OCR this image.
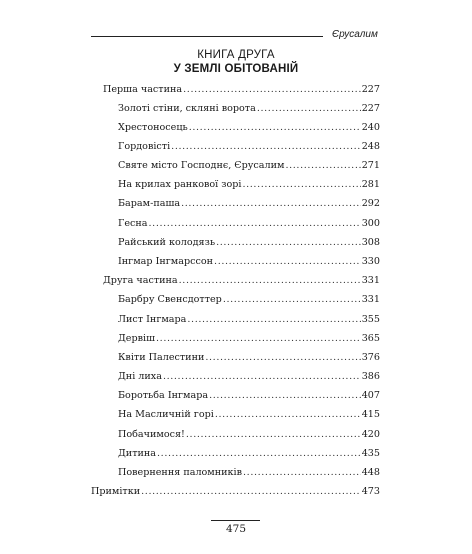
Єрусалим
КНИГА ДРУГА
У ЗЕМЛІ ОБІТОВАНІЙ
Перша частина .....	227
Золоті стіни, скляні ворота .....	227
Хрестоносець .....	240
Гордовісті .....	248
Святе місто Господнє, Єрусалим .....	271
На крилах ранкової зорі .....	281
Барам-паша .....	292
Гесна .....	300
Райський колодязь .....	308
Інгмар Інгмарссон .....	330
Друга частина .....	331
Барбру Свенсдоттер .....	331
Лист Інгмара .....	355
Дервіш .....	365
Квіти Палестини .....	376
Дні лиха .....	386
Боротьба Інгмара .....	407
На Масличній горі .....	415
Побачимося! .....	420
Дитина .....	435
Повернення паломників .....	448
Примітки .....	473
475
